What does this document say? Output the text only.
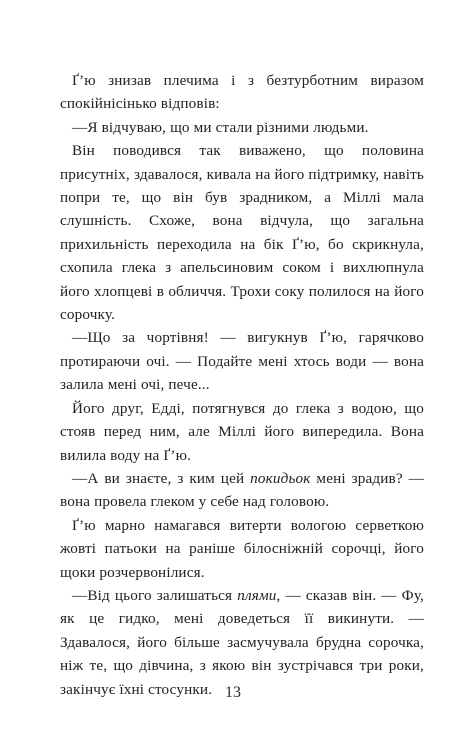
Ґ’ю знизав плечима і з безтурботним виразом спокійнісінько відповів:

—Я відчуваю, що ми стали різними людьми.

Він поводився так виважено, що половина присутніх, здавалося, кивала на його підтримку, навіть попри те, що він був зрадником, а Міллі мала слушність. Схоже, вона відчула, що загальна прихильність переходила на бік Ґ’ю, бо скрикнула, схопила глека з апельсиновим соком і вихлюпнула його хлопцеві в обличчя. Трохи соку полилося на його сорочку.

—Що за чортівня! — вигукнув Ґ’ю, гарячково протираючи очі. — Подайте мені хтось води — вона залила мені очі, пече...

Його друг, Едді, потягнувся до глека з водою, що стояв перед ним, але Міллі його випередила. Вона вилила воду на Ґ’ю.

—А ви знаєте, з ким цей покидьок мені зрадив? — вона провела глеком у себе над головою.

Ґ’ю марно намагався витерти вологою серветкою жовті патьоки на раніше білосніжній сорочці, його щоки розчервонілися.

—Від цього залишаться плями, — сказав він. — Фу, як це гидко, мені доведеться її викинути. — Здавалося, його більше засмучувала брудна сорочка, ніж те, що дівчина, з якою він зустрічався три роки, закінчує їхні стосунки. 13
